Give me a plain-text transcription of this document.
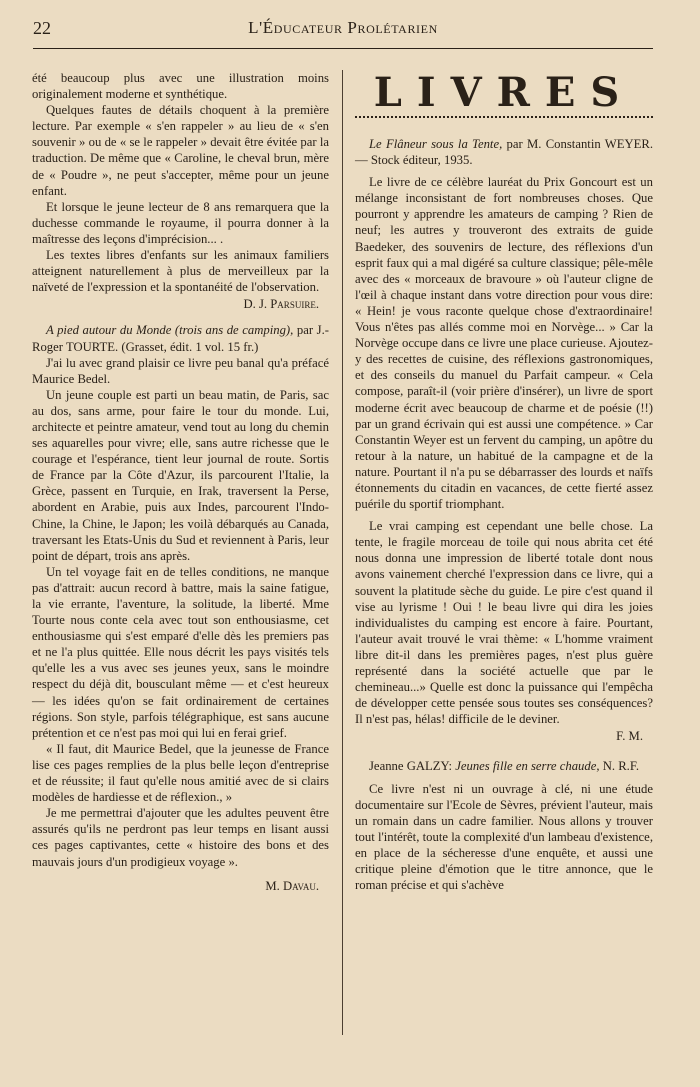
22	L'Éducateur Prolétarien

été beaucoup plus avec une illustration moins originalement moderne et synthétique.

Quelques fautes de détails choquent à la première lecture. Par exemple « s'en rappeler » au lieu de « s'en souvenir » ou de « se le rappeler » devait être évitée par la traduction. De même que « Caroline, le cheval brun, mère de « Poudre », ne peut s'accepter, même pour un jeune enfant.

Et lorsque le jeune lecteur de 8 ans remarquera que la duchesse commande le royaume, il pourra donner à la maîtresse des leçons d'imprécision... .

Les textes libres d'enfants sur les animaux familiers atteignent naturellement à plus de merveilleux par la naïveté de l'expression et la spontanéité de l'observation.

D. J. Parsuire.

A pied autour du Monde (trois ans de camping), par J.-Roger TOURTE. (Grasset, édit. 1 vol. 15 fr.)

J'ai lu avec grand plaisir ce livre peu banal qu'a préfacé Maurice Bedel.

Un jeune couple est parti un beau matin, de Paris, sac au dos, sans arme, pour faire le tour du monde. Lui, architecte et peintre amateur, vend tout au long du chemin ses aquarelles pour vivre; elle, sans autre richesse que le courage et l'espérance, tient leur journal de route. Sortis de France par la Côte d'Azur, ils parcourent l'Italie, la Grèce, passent en Turquie, en Irak, traversent la Perse, abordent en Arabie, puis aux Indes, parcourent l'Indo-Chine, la Chine, le Japon; les voilà débarqués au Canada, traversant les Etats-Unis du Sud et reviennent à Paris, leur point de départ, trois ans après.

Un tel voyage fait en de telles conditions, ne manque pas d'attrait: aucun record à battre, mais la saine fatigue, la vie errante, l'aventure, la solitude, la liberté. Mme Tourte nous conte cela avec tout son enthousiasme, cet enthousiasme qui s'est emparé d'elle dès les premiers pas et ne l'a plus quittée. Elle nous décrit les pays visités tels qu'elle les a vus avec ses jeunes yeux, sans le moindre respect du déjà dit, bousculant même — et c'est heureux — les idées qu'on se fait ordinairement de certaines régions. Son style, parfois télégraphique, est sans aucune prétention et ce n'est pas moi qui lui en ferai grief.

« Il faut, dit Maurice Bedel, que la jeunesse de France lise ces pages remplies de la plus belle leçon d'entreprise et de réussite; il faut qu'elle nous amitié avec de si clairs modèles de hardiesse et de réflexion., »

Je me permettrai d'ajouter que les adultes peuvent être assurés qu'ils ne perdront pas leur temps en lisant aussi ces pages captivantes, cette « histoire des bons et des mauvais jours d'un prodigieux voyage ».

M. Davau.
LIVRES

Le Flâneur sous la Tente, par M. Constantin WEYER. — Stock éditeur, 1935.

Le livre de ce célèbre lauréat du Prix Goncourt est un mélange inconsistant de fort nombreuses choses. Que pourront y apprendre les amateurs de camping ? Rien de neuf; les autres y trouveront des extraits de guide Baedeker, des souvenirs de lecture, des réflexions d'un esprit faux qui a mal digéré sa culture classique; pêle-mêle avec des « morceaux de bravoure » où l'auteur cligne de l'œil à chaque instant dans votre direction pour vous dire: « Hein! je vous raconte quelque chose d'extraordinaire! Vous n'êtes pas allés comme moi en Norvège... » Car la Norvège occupe dans ce livre une place curieuse. Ajoutez-y des recettes de cuisine, des réflexions gastronomiques, et des conseils du manuel du Parfait campeur. « Cela compose, paraît-il (voir prière d'insérer), un livre de sport moderne écrit avec beaucoup de charme et de poésie (!!) par un grand écrivain qui est aussi une compétence. » Car Constantin Weyer est un fervent du camping, un apôtre du retour à la nature, un habitué de la campagne et de la nature. Pourtant il n'a pu se débarrasser des lourds et naïfs étonnements du citadin en vacances, de cette fierté assez puérile du sportif triomphant.

Le vrai camping est cependant une belle chose. La tente, le fragile morceau de toile qui nous abrita cet été nous donna une impression de liberté totale dont nous avons vainement cherché l'expression dans ce livre, qui a souvent la platitude sèche du guide. Le pire c'est quand il vise au lyrisme ! Oui ! le beau livre qui dira les joies individualistes du camping est encore à faire. Pourtant, l'auteur avait trouvé le vrai thème: « L'homme vraiment libre dit-il dans les premières pages, n'est plus guère représenté dans la société actuelle que par le chemineau...» Quelle est donc la puissance qui l'empêcha de développer cette pensée sous toutes ses conséquences? Il n'est pas, hélas! difficile de le deviner.

F. M.

Jeanne GALZY: Jeunes fille en serre chaude, N. R.F.

Ce livre n'est ni un ouvrage à clé, ni une étude documentaire sur l'Ecole de Sèvres, prévient l'auteur, mais un romain dans un cadre familier. Nous allons y trouver tout l'intérêt, toute la complexité d'un lambeau d'existence, en place de la sécheresse d'une enquête, et aussi une critique pleine d'émotion que le titre annonce, que le roman précise et qui s'achève
